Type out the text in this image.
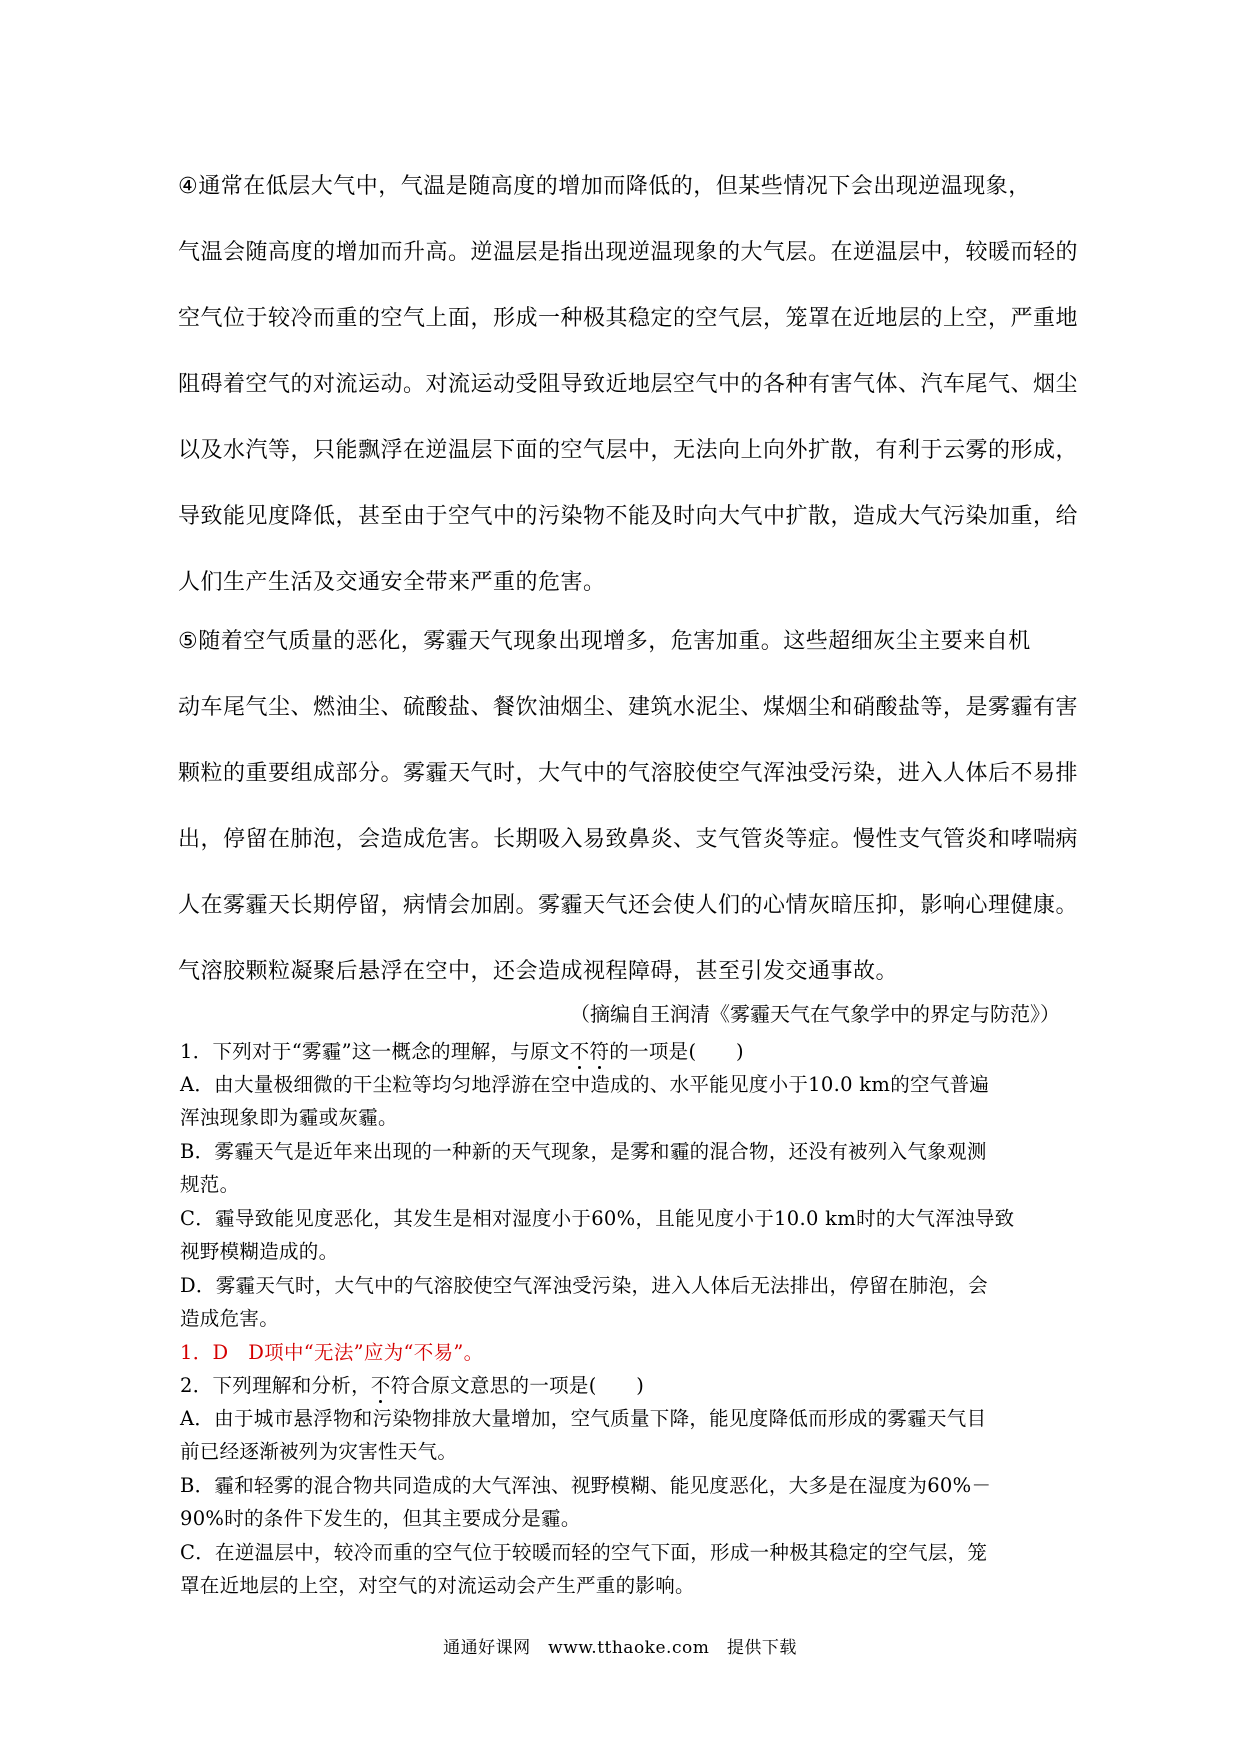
④通常在低层大气中，气温是随高度的增加而降低的，但某些情况下会出现逆温现象，
气温会随高度的增加而升高。逆温层是指出现逆温现象的大气层。在逆温层中，较暖而轻的
空气位于较冷而重的空气上面，形成一种极其稳定的空气层，笼罩在近地层的上空，严重地
阻碍着空气的对流运动。对流运动受阻导致近地层空气中的各种有害气体、汽车尾气、烟尘
以及水汽等，只能飘浮在逆温层下面的空气层中，无法向上向外扩散，有利于云雾的形成，
导致能见度降低，甚至由于空气中的污染物不能及时向大气中扩散，造成大气污染加重，给
人们生产生活及交通安全带来严重的危害。
⑤随着空气质量的恶化，雾霾天气现象出现增多，危害加重。这些超细灰尘主要来自机
动车尾气尘、燃油尘、硫酸盐、餐饮油烟尘、建筑水泥尘、煤烟尘和硝酸盐等，是雾霾有害
颗粒的重要组成部分。雾霾天气时，大气中的气溶胶使空气浑浊受污染，进入人体后不易排
出，停留在肺泡，会造成危害。长期吸入易致鼻炎、支气管炎等症。慢性支气管炎和哮喘病
人在雾霾天长期停留，病情会加剧。雾霾天气还会使人们的心情灰暗压抑，影响心理健康。
气溶胶颗粒凝聚后悬浮在空中，还会造成视程障碍，甚至引发交通事故。
（摘编自王润清《雾霾天气在气象学中的界定与防范》）
1．下列对于“雾霾”这一概念的理解，与原文不符的一项是(　　)
A．由大量极细微的干尘粒等均匀地浮游在空中造成的、水平能见度小于10.0 km的空气普遍
浑浊现象即为霾或灰霾。
B．雾霾天气是近年来出现的一种新的天气现象，是雾和霾的混合物，还没有被列入气象观测
规范。
C．霾导致能见度恶化，其发生是相对湿度小于60%，且能见度小于10.0 km时的大气浑浊导致
视野模糊造成的。
D．雾霾天气时，大气中的气溶胶使空气浑浊受污染，进入人体后无法排出，停留在肺泡，会
造成危害。
1．D　D项中“无法”应为“不易”。
2．下列理解和分析，不符合原文意思的一项是(　　)
A．由于城市悬浮物和污染物排放大量增加，空气质量下降，能见度降低而形成的雾霾天气目
前已经逐渐被列为灾害性天气。
B．霾和轻雾的混合物共同造成的大气浑浊、视野模糊、能见度恶化，大多是在湿度为60%－
90%时的条件下发生的，但其主要成分是霾。
C．在逆温层中，较冷而重的空气位于较暖而轻的空气下面，形成一种极其稳定的空气层，笼
罩在近地层的上空，对空气的对流运动会产生严重的影响。
通通好课网　www.tthaoke.com　提供下载
